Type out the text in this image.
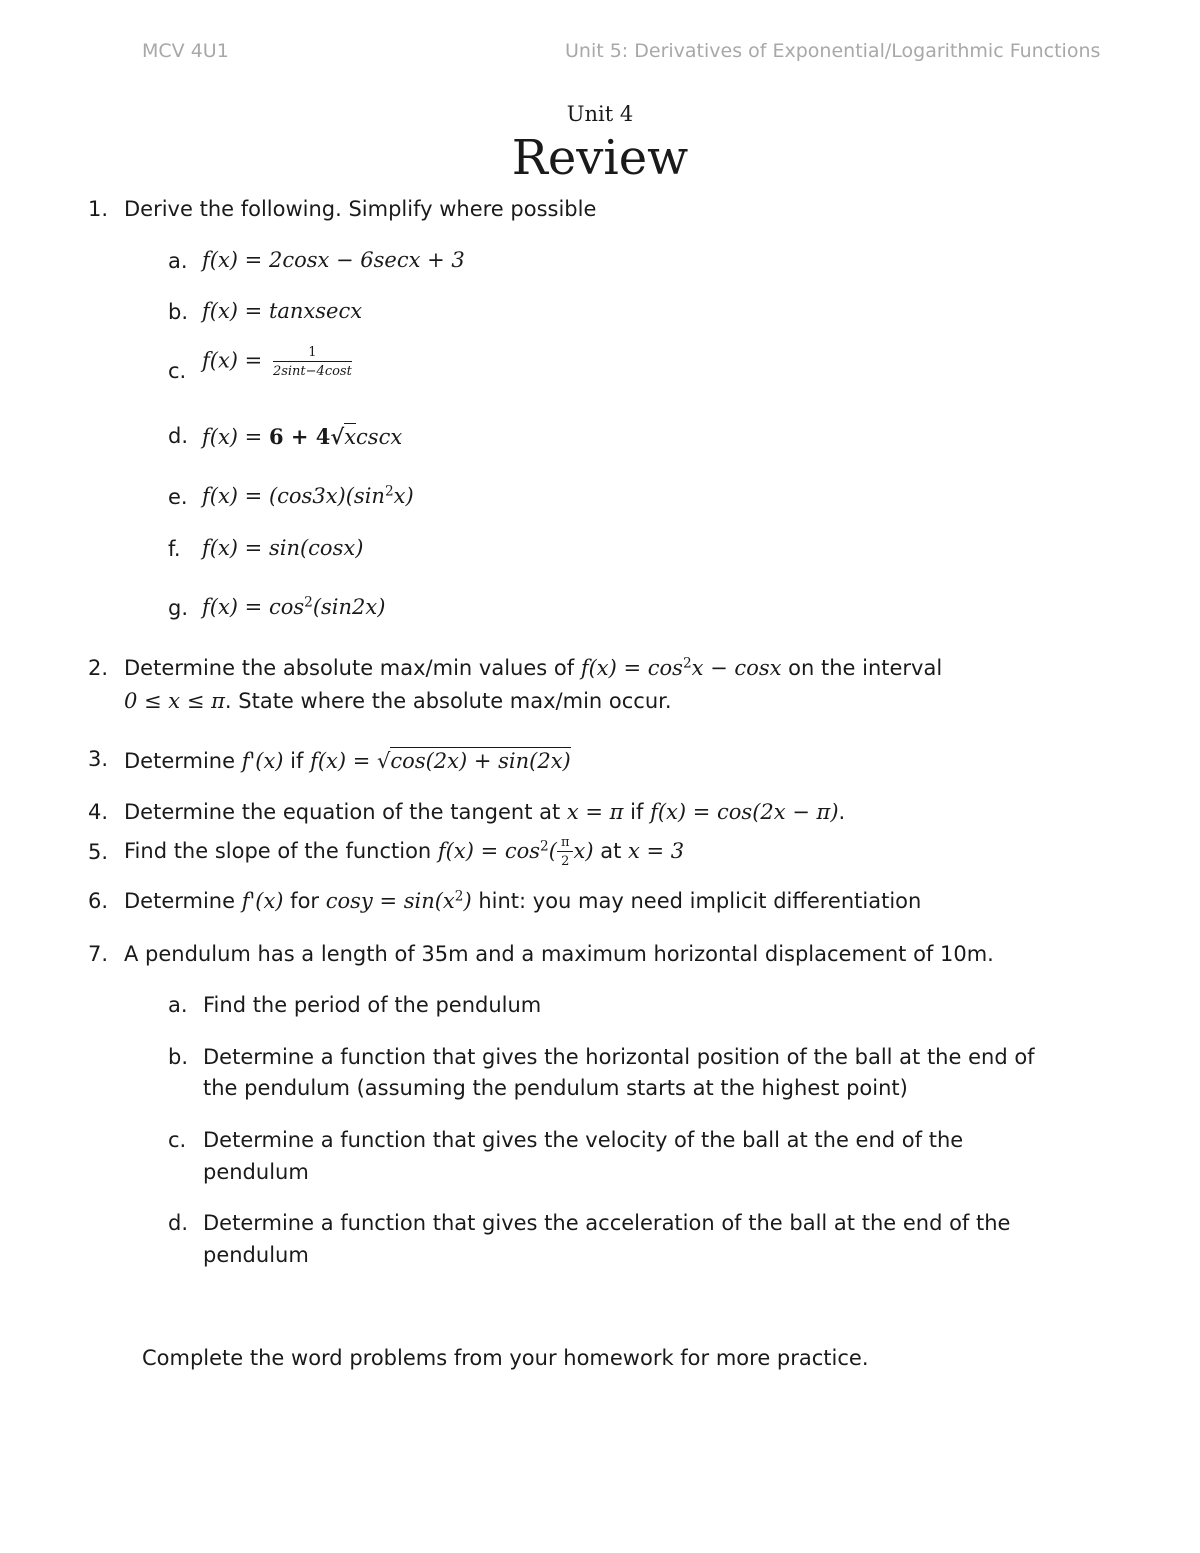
MCV 4U1	Unit 5: Derivatives of Exponential/Logarithmic Functions
Unit 4
Review
1. Derive the following. Simplify where possible
a. f(x) = 2cosx − 6secx + 3
b. f(x) = tanxsecx
c. $f(x) = \frac{1}{2\sin t-4\cos t}$
d. f(x) = 6 + 4√xcscx
e. $f(x) = (\cos 3x)(\sin^2x)$
f. f(x) = sin(cosx)
g. $f(x) = \cos^2(\sin 2x)$
2. Determine the absolute max/min values of $f(x) = \cos^2x - \cos x$ on the interval
0 ≤ x ≤ π. State where the absolute max/min occur.
3. Determine f'(x) if f(x) = √cos(2x) + sin(2x)
4. Determine the equation of the tangent at x = π if f(x) = cos(2x − π).
5. Find the slope of the function $f(x) = \cos^2( \frac{\pi}{2} x)$ at x = 3
6. Determine f'(x) for $\cos y = \sin(x^2)$ hint: you may need implicit differentiation
7. A pendulum has a length of 35m and a maximum horizontal displacement of 10m.
a. Find the period of the pendulum
b. Determine a function that gives the horizontal position of the ball at the end of
the pendulum (assuming the pendulum starts at the highest point)
c. Determine a function that gives the velocity of the ball at the end of the
pendulum
d. Determine a function that gives the acceleration of the ball at the end of the
pendulum
Complete the word problems from your homework for more practice.
